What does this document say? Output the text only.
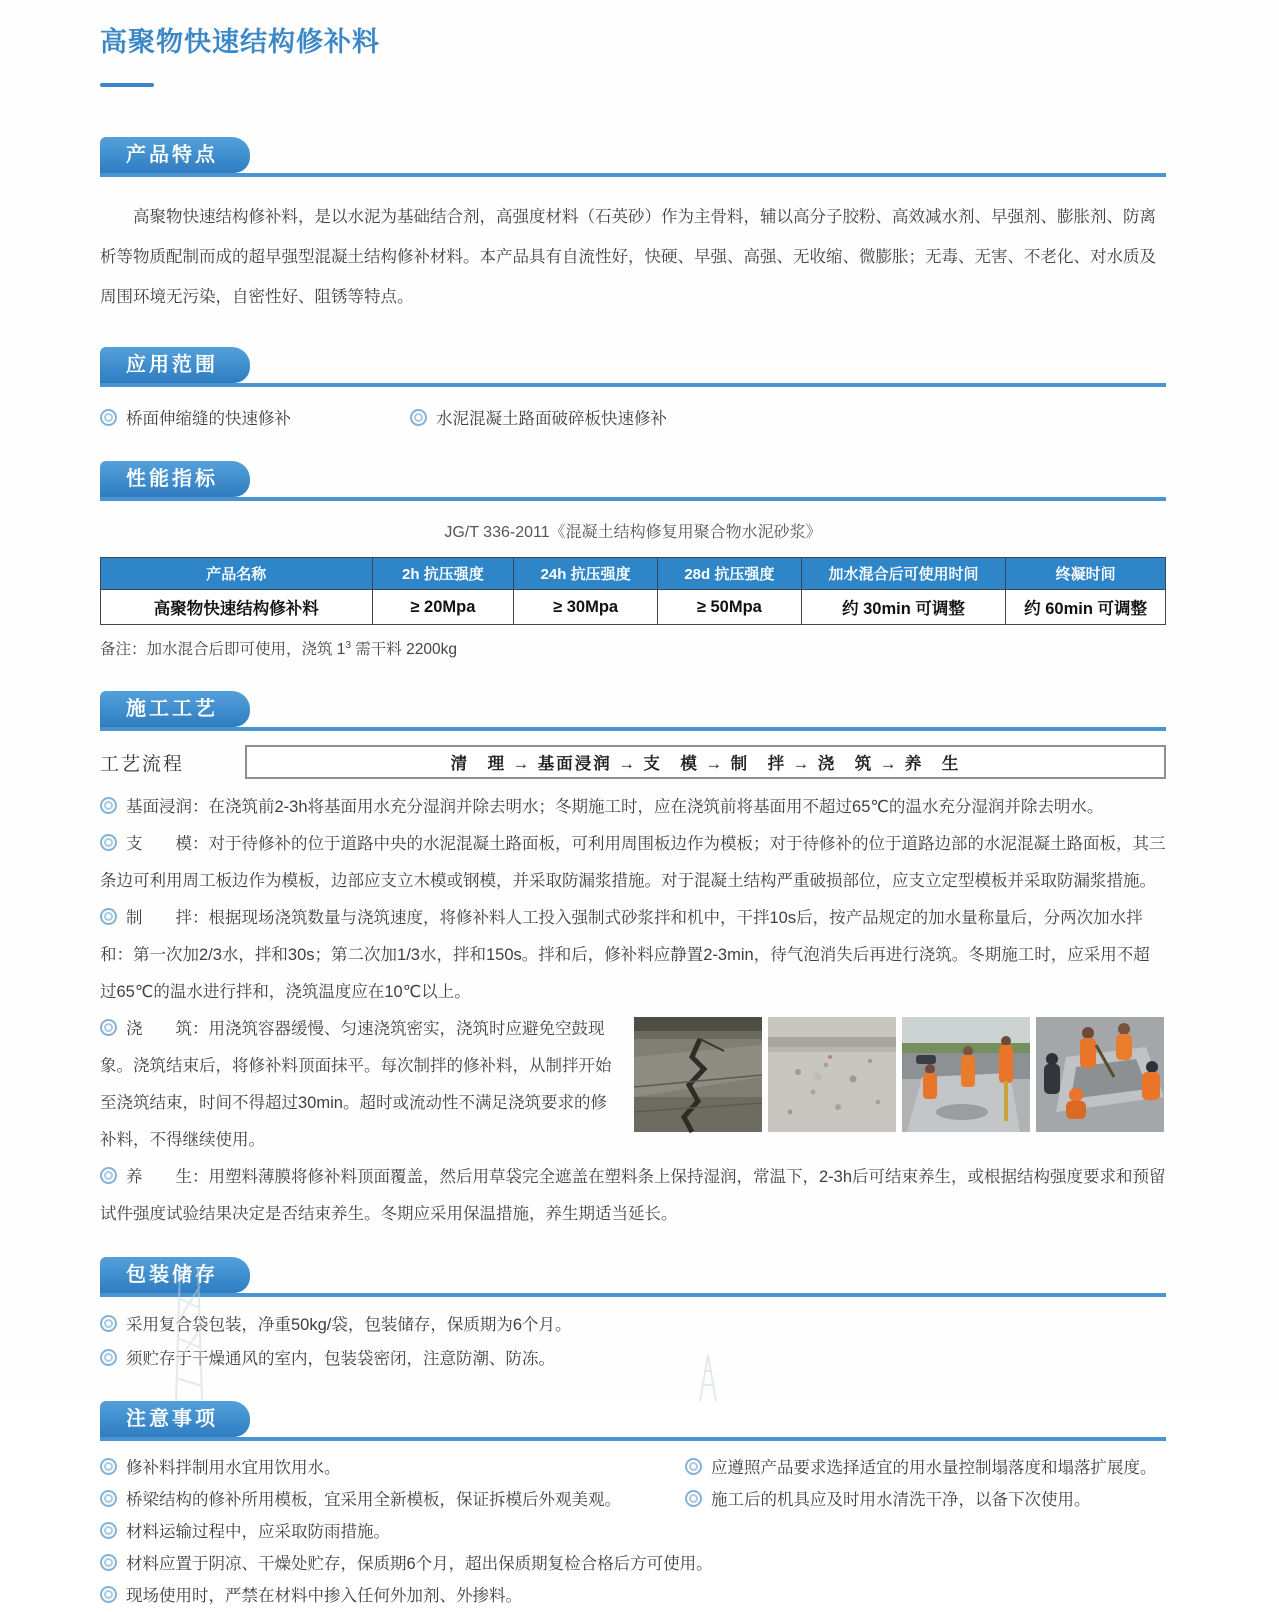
高聚物快速结构修补料
产品特点

高聚物快速结构修补料，是以水泥为基础结合剂，高强度材料（石英砂）作为主骨料，辅以高分子胶粉、高效减水剂、早强剂、膨胀剂、防离析等物质配制而成的超早强型混凝土结构修补材料。本产品具有自流性好，快硬、早强、高强、无收缩、微膨胀；无毒、无害、不老化、对水质及周围环境无污染，自密性好、阻锈等特点。

应用范围
桥面伸缩缝的快速修补	水泥混凝土路面破碎板快速修补
性能指标
JG/T 336-2011《混凝土结构修复用聚合物水泥砂浆》
产品名称	2h 抗压强度	24h 抗压强度	28d 抗压强度	加水混合后可使用时间	终凝时间
高聚物快速结构修补料	≥ 20Mpa	≥ 30Mpa	≥ 50Mpa	约 30min 可调整	约 60min 可调整
备注：加水混合后即可使用，浇筑 $1^3$ 需干料 2200kg
施工工艺
工艺流程	清　理 → 基面浸润 → 支　模 → 制　拌 → 浇　筑 → 养　生
基面浸润：在浇筑前2-3h将基面用水充分湿润并除去明水；冬期施工时，应在浇筑前将基面用不超过65℃的温水充分湿润并除去明水。
支　　模：对于待修补的位于道路中央的水泥混凝土路面板，可利用周围板边作为模板；对于待修补的位于道路边部的水泥混凝土路面板，其三条边可利用周工板边作为模板，边部应支立木模或钢模，并采取防漏浆措施。对于混凝土结构严重破损部位，应支立定型模板并采取防漏浆措施。
制　　拌：根据现场浇筑数量与浇筑速度，将修补料人工投入强制式砂浆拌和机中，干拌10s后，按产品规定的加水量称量后，分两次加水拌和：第一次加2/3水，拌和30s；第二次加1/3水，拌和150s。拌和后，修补料应静置2-3min，待气泡消失后再进行浇筑。冬期施工时，应采用不超过65℃的温水进行拌和，浇筑温度应在10℃以上。
浇　　筑：用浇筑容器缓慢、匀速浇筑密实，浇筑时应避免空鼓现象。浇筑结束后，将修补料顶面抹平。每次制拌的修补料，从制拌开始至浇筑结束，时间不得超过30min。超时或流动性不满足浇筑要求的修补料，不得继续使用。
养　　生：用塑料薄膜将修补料顶面覆盖，然后用草袋完全遮盖在塑料条上保持湿润，常温下，2-3h后可结束养生，或根据结构强度要求和预留试件强度试验结果决定是否结束养生。冬期应采用保温措施，养生期适当延长。
包装储存
采用复合袋包装，净重50kg/袋，包装储存，保质期为6个月。
须贮存于干燥通风的室内，包装袋密闭，注意防潮、防冻。
注意事项
修补料拌制用水宜用饮用水。
桥梁结构的修补所用模板，宜采用全新模板，保证拆模后外观美观。
材料运输过程中，应采取防雨措施。
材料应置于阴凉、干燥处贮存，保质期6个月，超出保质期复检合格后方可使用。
现场使用时，严禁在材料中掺入任何外加剂、外掺料。
应遵照产品要求选择适宜的用水量控制塌落度和塌落扩展度。
施工后的机具应及时用水清洗干净，以备下次使用。
